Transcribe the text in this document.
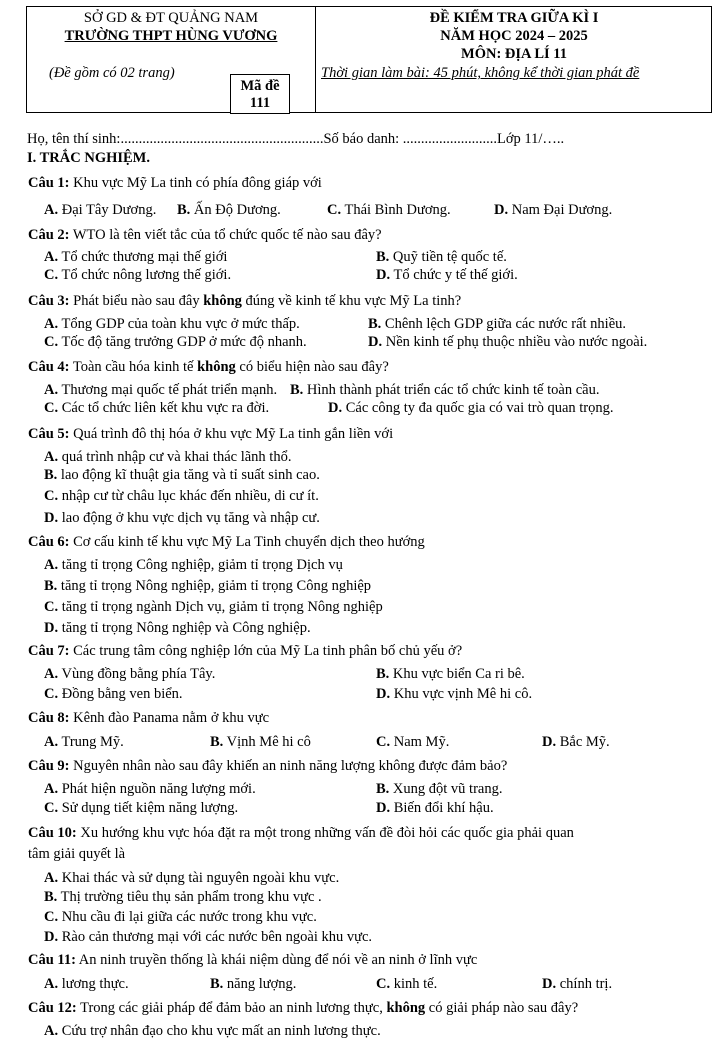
SỞ GD & ĐT QUẢNG NAM
TRƯỜNG THPT HÙNG VƯƠNG
(Đề gồm có 02 trang)
ĐỀ KIỂM TRA GIỮA KÌ I
NĂM HỌC 2024 – 2025
MÔN: ĐỊA LÍ 11
Thời gian làm bài: 45 phút, không kể thời gian phát đề
Mã đề
111
Họ, tên thí sinh:........................................................Số báo danh: ..........................Lớp 11/…..
I. TRẮC NGHIỆM.
Câu 1: Khu vực Mỹ La tinh có phía đông giáp với
A. Đại Tây Dương. B. Ấn Độ Dương.	C. Thái Bình Dương.	D. Nam Đại Dương.
Câu 2: WTO là tên viết tắc của tổ chức quốc tế nào sau đây?
A. Tổ chức thương mại thế giới	B. Quỹ tiền tệ quốc tế.
C. Tổ chức nông lương thế giới.	D. Tổ chức y tế thế giới.
Câu 3: Phát biểu nào sau đây không đúng về kinh tế khu vực Mỹ La tinh?
A. Tổng GDP của toàn khu vực ở mức thấp.	B. Chênh lệch GDP giữa các nước rất nhiều.
C. Tốc độ tăng trưởng GDP ở mức độ nhanh.	D. Nền kinh tế phụ thuộc nhiều vào nước ngoài.
Câu 4: Toàn cầu hóa kinh tế không có biểu hiện nào sau đây?
A. Thương mại quốc tế phát triển mạnh. B. Hình thành phát triển các tổ chức kinh tế toàn cầu.
C. Các tổ chức liên kết khu vực ra đời.	D. Các công ty đa quốc gia có vai trò quan trọng.
Câu 5: Quá trình đô thị hóa ở khu vực Mỹ La tinh gắn liền với
A. quá trình nhập cư và khai thác lãnh thổ.
B. lao động kĩ thuật gia tăng và tỉ suất sinh cao.
C. nhập cư từ châu lục khác đến nhiều, di cư ít.
D. lao động ở khu vực dịch vụ tăng và nhập cư.
Câu 6: Cơ cấu kinh tế khu vực Mỹ La Tinh chuyển dịch theo hướng
A. tăng tỉ trọng Công nghiệp, giảm tỉ trọng Dịch vụ
B. tăng tỉ trọng Nông nghiệp, giảm tỉ trọng Công nghiệp
C. tăng tỉ trọng ngành Dịch vụ, giảm tỉ trọng Nông nghiệp
D. tăng tỉ trọng Nông nghiệp và Công nghiệp.
Câu 7: Các trung tâm công nghiệp lớn của Mỹ La tinh phân bố chủ yếu ở?
A. Vùng đồng bằng phía Tây.	B. Khu vực biển Ca ri bê.
C. Đồng bằng ven biển.	D. Khu vực vịnh Mê hi cô.
Câu 8: Kênh đào Panama nằm ở khu vực
A. Trung Mỹ.	B. Vịnh Mê hi cô	C. Nam Mỹ.	D. Bắc Mỹ.
Câu 9: Nguyên nhân nào sau đây khiến an ninh năng lượng không được đảm bảo?
A. Phát hiện nguồn năng lượng mới.	B. Xung đột vũ trang.
C. Sử dụng tiết kiệm năng lượng.	D. Biến đổi khí hậu.
Câu 10: Xu hướng khu vực hóa đặt ra một trong những vấn đề đòi hỏi các quốc gia phải quan
tâm giải quyết là
A. Khai thác và sử dụng tài nguyên ngoài khu vực.
B. Thị trường tiêu thụ sản phẩm trong khu vực .
C. Nhu cầu đi lại giữa các nước trong khu vực.
D. Rào cản thương mại với các nước bên ngoài khu vực.
Câu 11: An ninh truyền thống là khái niệm dùng để nói về an ninh ở lĩnh vực
A. lương thực.	B. năng lượng.	C. kinh tế.	D. chính trị.
Câu 12: Trong các giải pháp để đảm bảo an ninh lương thực, không có giải pháp nào sau đây?
A. Cứu trợ nhân đạo cho khu vực mất an ninh lương thực.
